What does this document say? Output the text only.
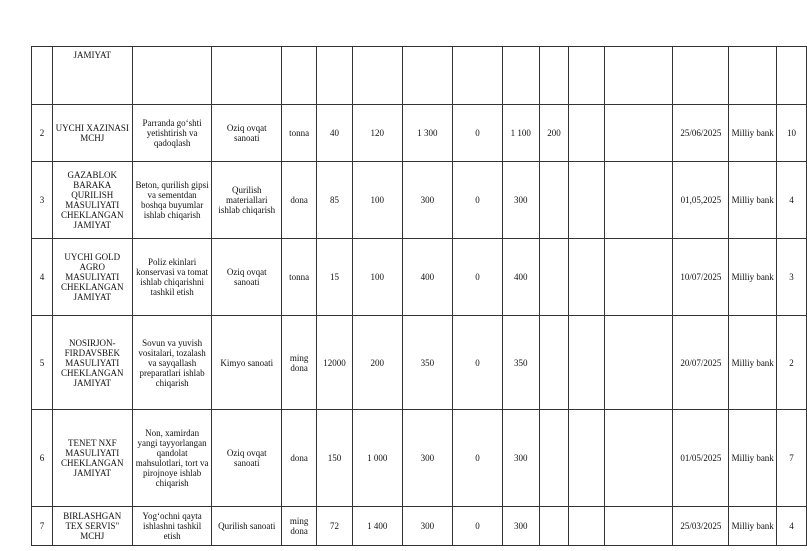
	JAMIYAT														
2	UYCHI XAZINASI MCHJ	Parranda go‘shti yetishtirish va qadoqlash	Oziq ovqat sanoati	tonna	40	120	1 300	0	1 100	200			25/06/2025	Milliy bank	10
3	GAZABLOK BARAKA QURILISH MASULIYATI CHEKLANGAN JAMIYAT	Beton, qurilish gipsi va sementdan boshqa buyumlar ishlab chiqarish	Qurilish materiallari ishlab chiqarish	dona	85	100	300	0	300				01,05,2025	Milliy bank	4
4	UYCHI GOLD AGRO MASULIYATI CHEKLANGAN JAMIYAT	Poliz ekinlari konservasi va tomat ishlab chiqarishni tashkil etish	Oziq ovqat sanoati	tonna	15	100	400	0	400				10/07/2025	Milliy bank	3
5	NOSIRJON-FIRDAVSBEK MASULIYATI CHEKLANGAN JAMIYAT	Sovun va yuvish vositalari, tozalash va sayqallash preparatlari ishlab chiqarish	Kimyo sanoati	ming dona	12000	200	350	0	350				20/07/2025	Milliy bank	2
6	TENET NXF MASULIYATI CHEKLANGAN JAMIYAT	Non, xamirdan yangi tayyorlangan qandolat mahsulotlari, tort va pirojnoye ishlab chiqarish	Oziq ovqat sanoati	dona	150	1 000	300	0	300				01/05/2025	Milliy bank	7
7	BIRLASHGAN TEX SERVIS" MCHJ	Yog‘ochni qayta ishlashni tashkil etish	Qurilish sanoati	ming dona	72	1 400	300	0	300				25/03/2025	Milliy bank	4
